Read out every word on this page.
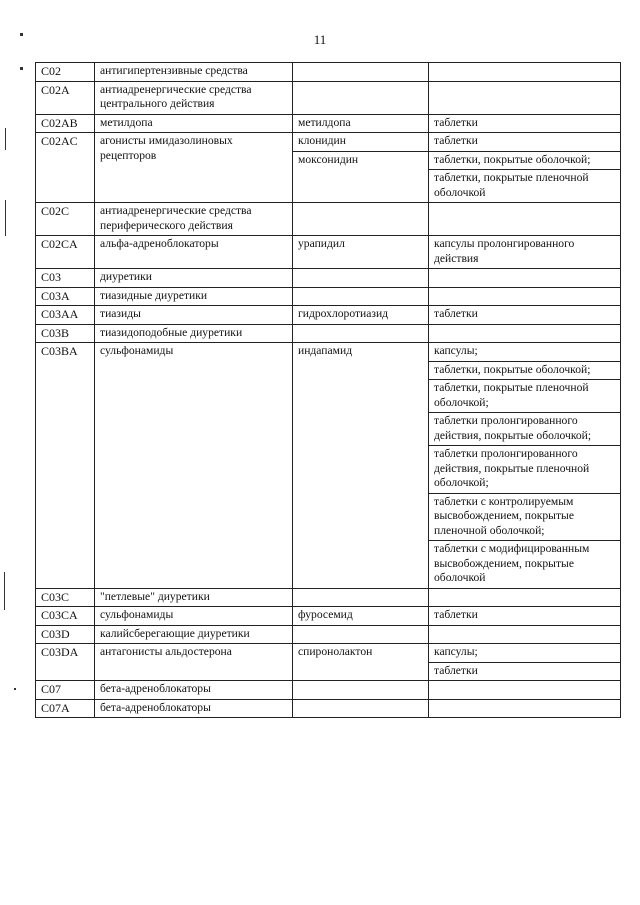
11
C02	антигипертензивные средства		
C02A	антиадренергические средства центрального действия		
C02AB	метилдопа	метилдопа	таблетки
C02AC	агонисты имидазолиновых рецепторов	клонидин	таблетки
		моксонидин	таблетки, покрытые оболочкой;
			таблетки, покрытые пленочной оболочкой
C02C	антиадренергические средства периферического действия		
C02CA	альфа-адреноблокаторы	урапидил	капсулы пролонгированного действия
C03	диуретики		
C03A	тиазидные диуретики		
C03AA	тиазиды	гидрохлоротиазид	таблетки
C03B	тиазидоподобные диуретики		
C03BA	сульфонамиды	индапамид	капсулы;
			таблетки, покрытые оболочкой;
			таблетки, покрытые пленочной оболочкой;
			таблетки пролонгированного действия, покрытые оболочкой;
			таблетки пролонгированного действия, покрытые пленочной оболочкой;
			таблетки с контролируемым высвобождением, покрытые пленочной оболочкой;
			таблетки с модифицированным высвобождением, покрытые оболочкой
C03C	"петлевые" диуретики		
C03CA	сульфонамиды	фуросемид	таблетки
C03D	калийсберегающие диуретики		
C03DA	антагонисты альдостерона	спиронолактон	капсулы;
			таблетки
C07	бета-адреноблокаторы		
C07A	бета-адреноблокаторы		
